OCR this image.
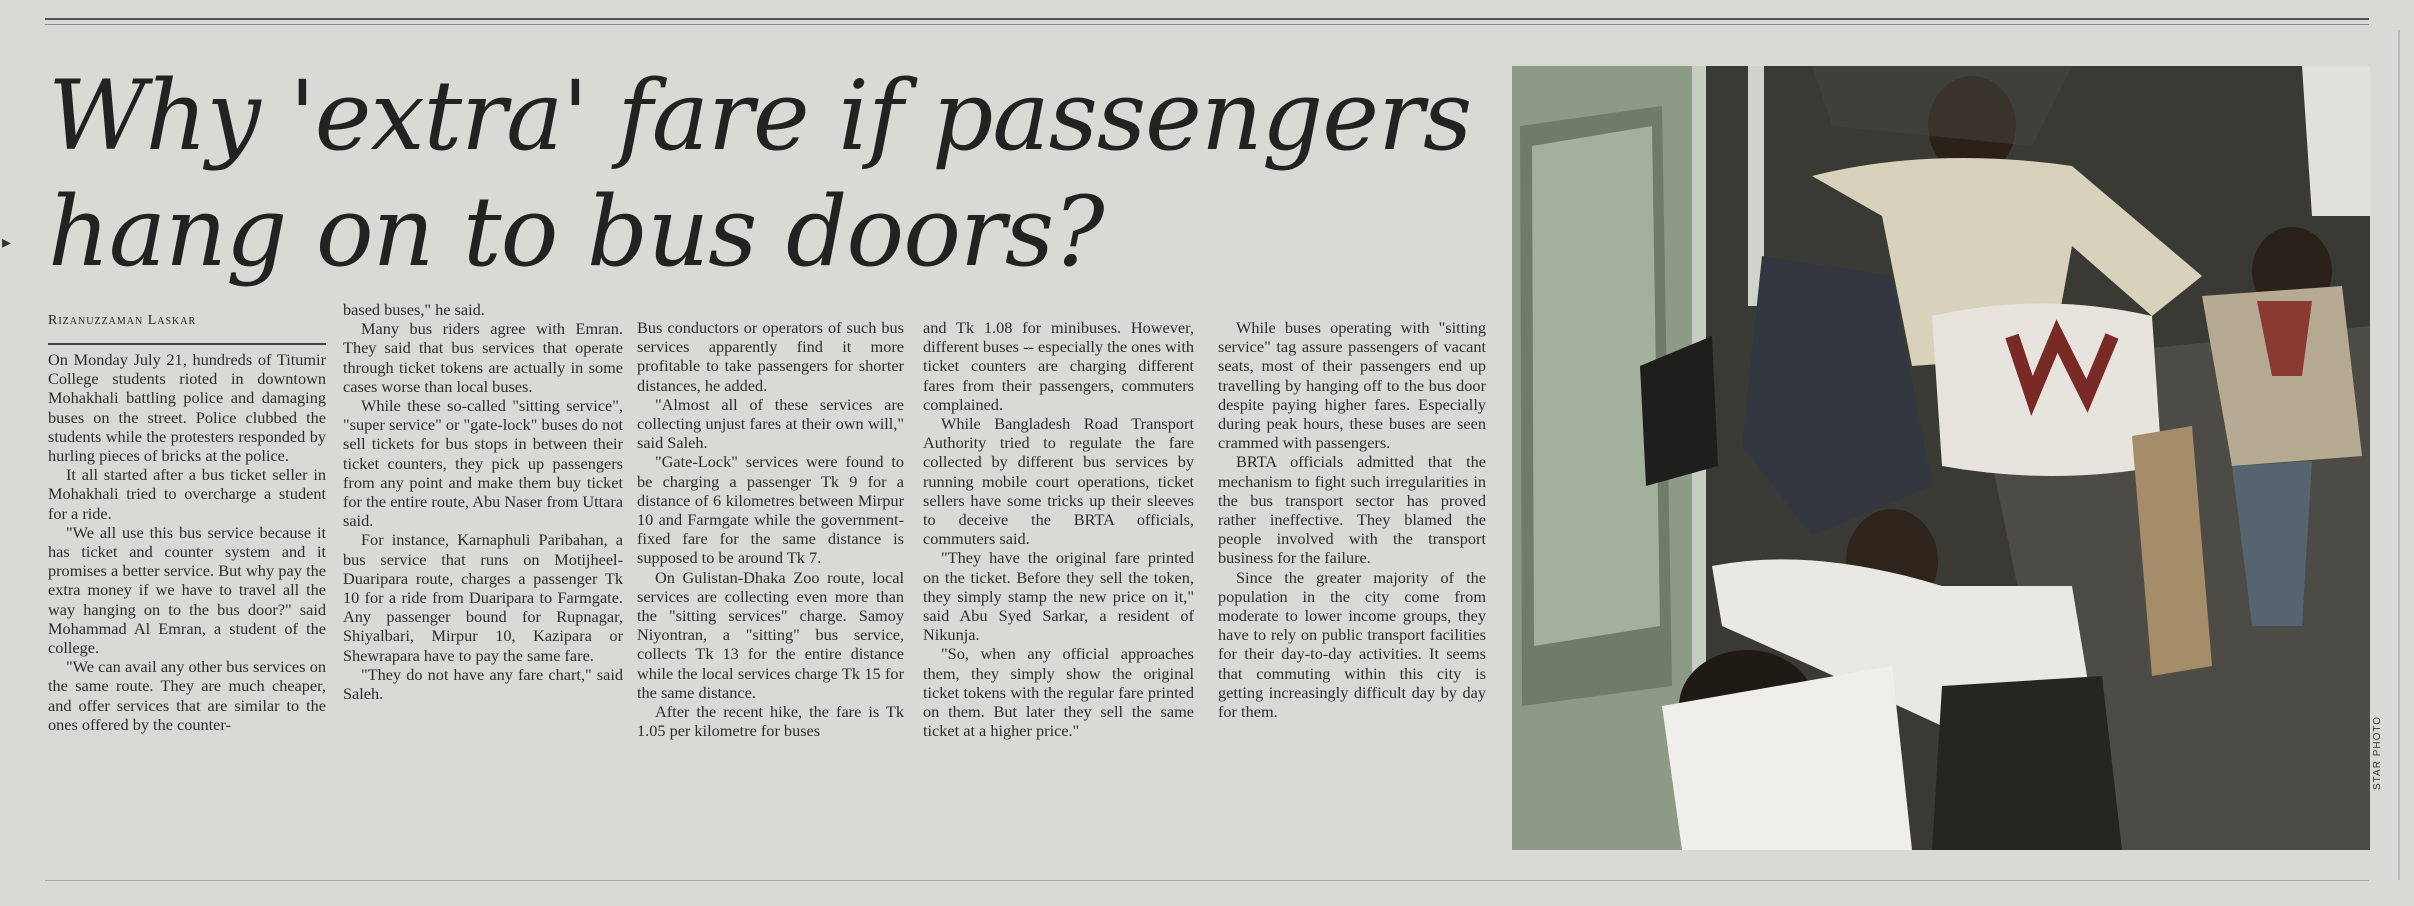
▸
Why 'extra' fare if passengers
hang on to bus doors?
Rizanuzzaman Laskar

On Monday July 21, hundreds of Titumir College students rioted in downtown Mohakhali battling police and damaging buses on the street. Police clubbed the students while the protesters responded by hurling pieces of bricks at the police.

It all started after a bus ticket seller in Mohakhali tried to overcharge a student for a ride.

"We all use this bus service because it has ticket and counter system and it promises a better service. But why pay the extra money if we have to travel all the way hanging on to the bus door?" said Mohammad Al Emran, a student of the college.

"We can avail any other bus services on the same route. They are much cheaper, and offer services that are similar to the ones offered by the counter-

based buses," he said.

Many bus riders agree with Emran. They said that bus services that operate through ticket tokens are actually in some cases worse than local buses.

While these so-called "sitting service", "super service" or "gate-lock" buses do not sell tickets for bus stops in between their ticket counters, they pick up passengers from any point and make them buy ticket for the entire route, Abu Naser from Uttara said.

For instance, Karnaphuli Paribahan, a bus service that runs on Motijheel-Duaripara route, charges a passenger Tk 10 for a ride from Duaripara to Farmgate. Any passenger bound for Rupnagar, Shiyalbari, Mirpur 10, Kazipara or Shewrapara have to pay the same fare.

"They do not have any fare chart," said Saleh.

Bus conductors or operators of such bus services apparently find it more profitable to take passengers for shorter distances, he added.

"Almost all of these services are collecting unjust fares at their own will," said Saleh.

"Gate-Lock" services were found to be charging a passenger Tk 9 for a distance of 6 kilometres between Mirpur 10 and Farmgate while the government-fixed fare for the same distance is supposed to be around Tk 7.

On Gulistan-Dhaka Zoo route, local services are collecting even more than the "sitting services" charge. Samoy Niyontran, a "sitting" bus service, collects Tk 13 for the entire distance while the local services charge Tk 15 for the same distance.

After the recent hike, the fare is Tk 1.05 per kilometre for buses

and Tk 1.08 for minibuses. However, different buses -- especially the ones with ticket counters are charging different fares from their passengers, commuters complained.

While Bangladesh Road Transport Authority tried to regulate the fare collected by different bus services by running mobile court operations, ticket sellers have some tricks up their sleeves to deceive the BRTA officials, commuters said.

"They have the original fare printed on the ticket. Before they sell the token, they simply stamp the new price on it," said Abu Syed Sarkar, a resident of Nikunja.

"So, when any official approaches them, they simply show the original ticket tokens with the regular fare printed on them. But later they sell the same ticket at a higher price."

While buses operating with "sitting service" tag assure passengers of vacant seats, most of their passengers end up travelling by hanging off to the bus door despite paying higher fares. Especially during peak hours, these buses are seen crammed with passengers.

BRTA officials admitted that the mechanism to fight such irregularities in the bus transport sector has proved rather ineffective. They blamed the people involved with the transport business for the failure.

Since the greater majority of the population in the city come from moderate to lower income groups, they have to rely on public transport facilities for their day-to-day activities. It seems that commuting within this city is getting increasingly difficult day by day for them.

STAR PHOTO
